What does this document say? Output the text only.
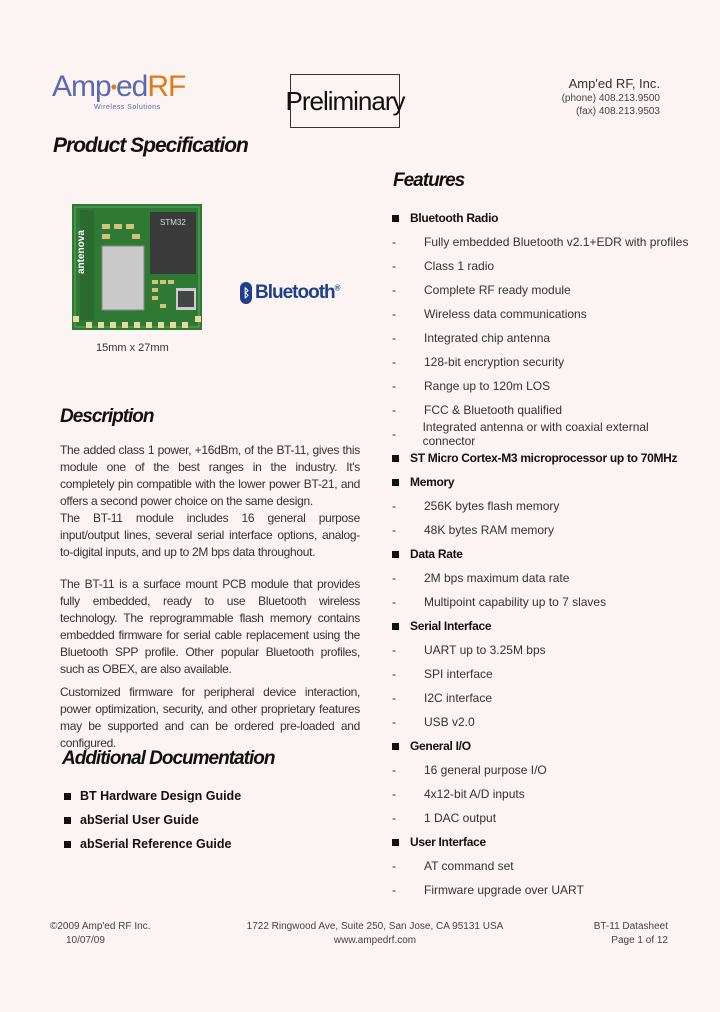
Amp•edRF
Wireless Solutions	Preliminary
Amp'ed RF, Inc.
(phone) 408.213.9500
(fax) 408.213.9503
Product Specification
antenova
STM32
ᛒ Bluetooth®
15mm x 27mm
Description
The added class 1 power, +16dBm, of the BT-11, gives this module one of the best ranges in the industry. It's completely pin compatible with the lower power BT-21, and offers a second power choice on the same design.
The BT-11 module includes 16 general purpose input/output lines, several serial interface options, analog-to-digital inputs, and up to 2M bps data throughout.
The BT-11 is a surface mount PCB module that provides fully embedded, ready to use Bluetooth wireless technology. The reprogrammable flash memory contains embedded firmware for serial cable replacement using the Bluetooth SPP profile. Other popular Bluetooth profiles, such as OBEX, are also available.
Customized firmware for peripheral device interaction, power optimization, security, and other proprietary features may be supported and can be ordered pre-loaded and configured.
Additional Documentation
BT Hardware Design Guide
abSerial User Guide
abSerial Reference Guide
Features
Bluetooth Radio
-	Fully embedded Bluetooth v2.1+EDR with profiles
-	Class 1 radio
-	Complete RF ready module
-	Wireless data communications
-	Integrated chip antenna
-	128-bit encryption security
-	Range up to 120m LOS
-	FCC & Bluetooth qualified
-	Integrated antenna or with coaxial external connector
ST Micro Cortex-M3 microprocessor up to 70MHz
Memory
-	256K bytes flash memory
-	48K bytes RAM memory
Data Rate
-	2M bps maximum data rate
-	Multipoint capability up to 7 slaves
Serial Interface
-	UART up to 3.25M bps
-	SPI interface
-	I2C interface
-	USB v2.0
General I/O
-	16 general purpose I/O
-	4x12-bit A/D inputs
-	1 DAC output
User Interface
-	AT command set
-	Firmware upgrade over UART
©2009 Amp'ed RF Inc.
10/07/09
1722 Ringwood Ave, Suite 250, San Jose, CA 95131 USA
www.ampedrf.com
BT-11 Datasheet
Page 1 of 12
